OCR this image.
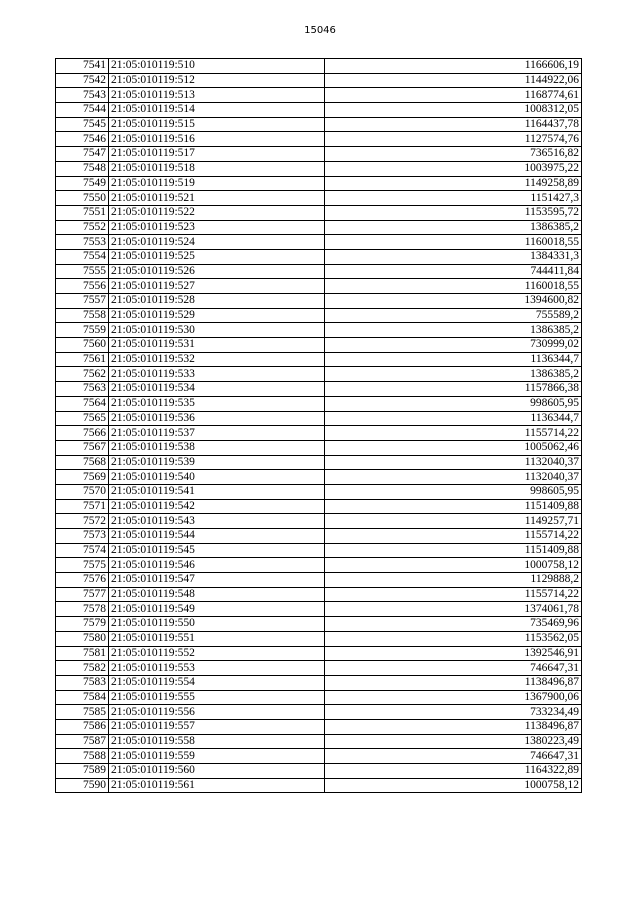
15046
7541	21:05:010119:510	1166606,19
7542	21:05:010119:512	1144922,06
7543	21:05:010119:513	1168774,61
7544	21:05:010119:514	1008312,05
7545	21:05:010119:515	1164437,78
7546	21:05:010119:516	1127574,76
7547	21:05:010119:517	736516,82
7548	21:05:010119:518	1003975,22
7549	21:05:010119:519	1149258,89
7550	21:05:010119:521	1151427,3
7551	21:05:010119:522	1153595,72
7552	21:05:010119:523	1386385,2
7553	21:05:010119:524	1160018,55
7554	21:05:010119:525	1384331,3
7555	21:05:010119:526	744411,84
7556	21:05:010119:527	1160018,55
7557	21:05:010119:528	1394600,82
7558	21:05:010119:529	755589,2
7559	21:05:010119:530	1386385,2
7560	21:05:010119:531	730999,02
7561	21:05:010119:532	1136344,7
7562	21:05:010119:533	1386385,2
7563	21:05:010119:534	1157866,38
7564	21:05:010119:535	998605,95
7565	21:05:010119:536	1136344,7
7566	21:05:010119:537	1155714,22
7567	21:05:010119:538	1005062,46
7568	21:05:010119:539	1132040,37
7569	21:05:010119:540	1132040,37
7570	21:05:010119:541	998605,95
7571	21:05:010119:542	1151409,88
7572	21:05:010119:543	1149257,71
7573	21:05:010119:544	1155714,22
7574	21:05:010119:545	1151409,88
7575	21:05:010119:546	1000758,12
7576	21:05:010119:547	1129888,2
7577	21:05:010119:548	1155714,22
7578	21:05:010119:549	1374061,78
7579	21:05:010119:550	735469,96
7580	21:05:010119:551	1153562,05
7581	21:05:010119:552	1392546,91
7582	21:05:010119:553	746647,31
7583	21:05:010119:554	1138496,87
7584	21:05:010119:555	1367900,06
7585	21:05:010119:556	733234,49
7586	21:05:010119:557	1138496,87
7587	21:05:010119:558	1380223,49
7588	21:05:010119:559	746647,31
7589	21:05:010119:560	1164322,89
7590	21:05:010119:561	1000758,12
